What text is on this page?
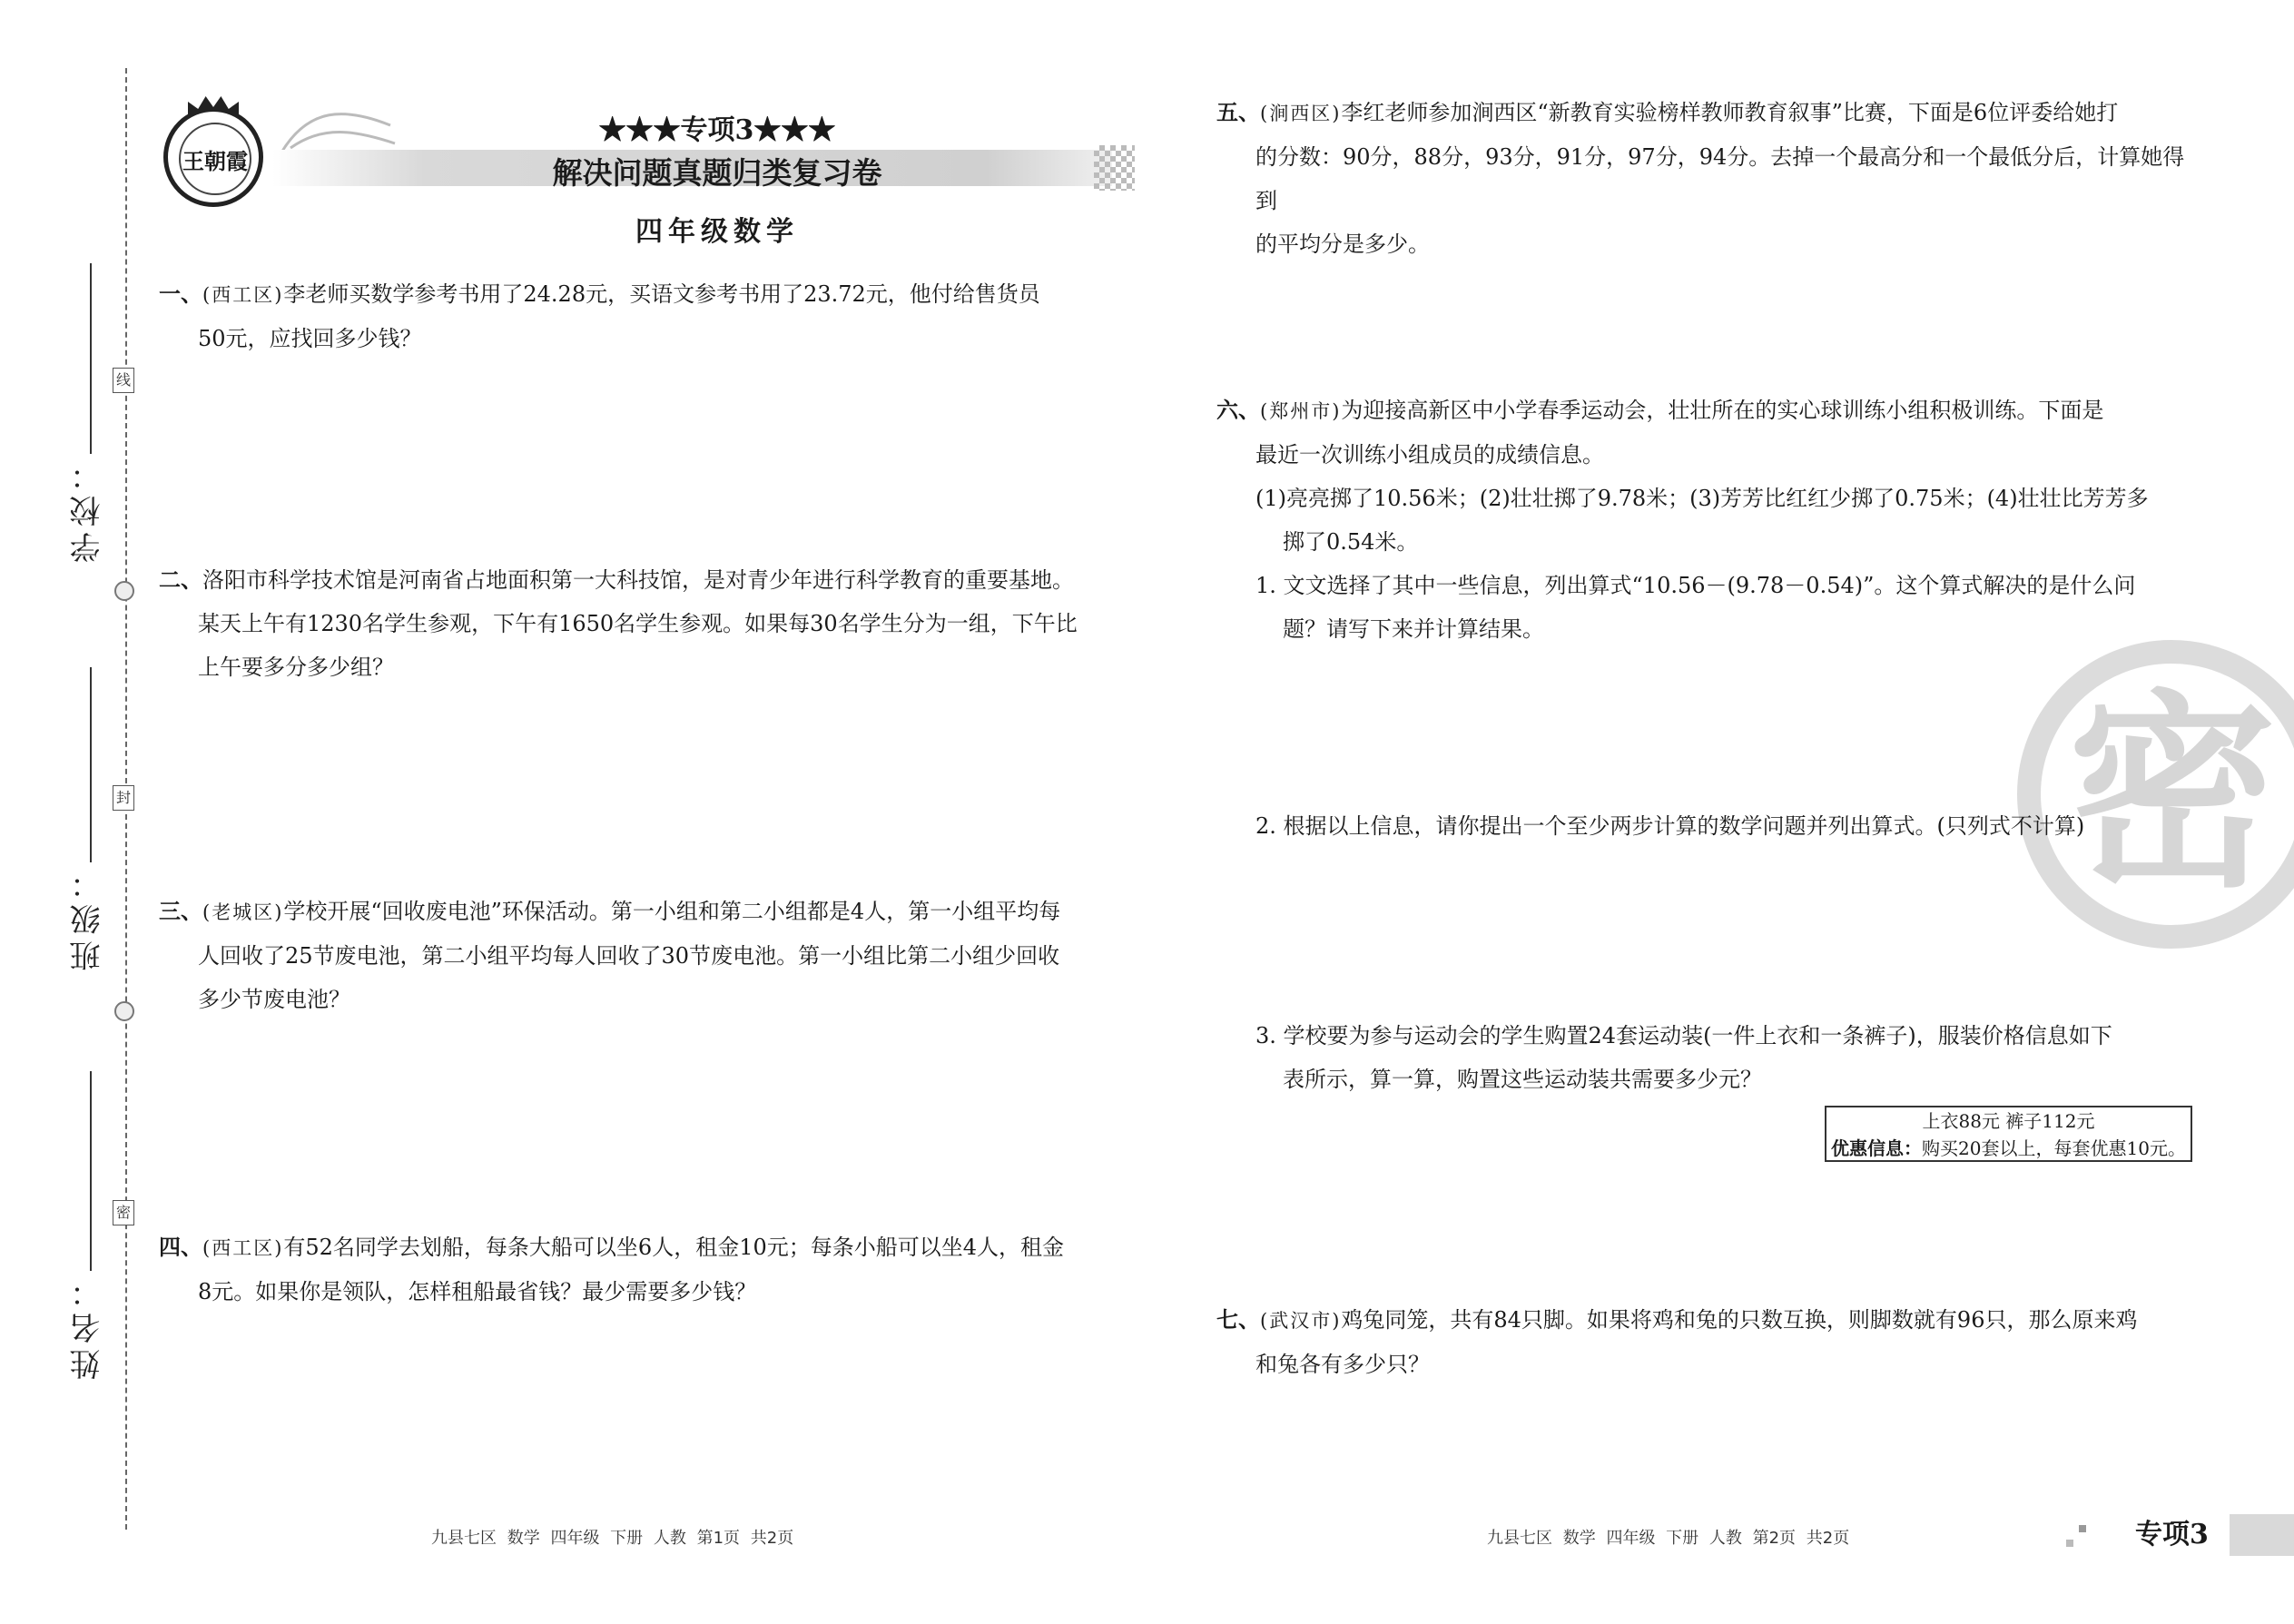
学校：
班级：
姓名：
线
封
密
王朝霞
★★★专项3★★★
解决问题真题归类复习卷
四年级数学
一、(西工区)李老师买数学参考书用了24.28元，买语文参考书用了23.72元，他付给售货员
50元，应找回多少钱？
二、洛阳市科学技术馆是河南省占地面积第一大科技馆，是对青少年进行科学教育的重要基地。
某天上午有1230名学生参观，下午有1650名学生参观。如果每30名学生分为一组，下午比
上午要多分多少组？
三、(老城区)学校开展“回收废电池”环保活动。第一小组和第二小组都是4人，第一小组平均每
人回收了25节废电池，第二小组平均每人回收了30节废电池。第一小组比第二小组少回收
多少节废电池？
四、(西工区)有52名同学去划船，每条大船可以坐6人，租金10元；每条小船可以坐4人，租金
8元。如果你是领队，怎样租船最省钱？最少需要多少钱？
密
五、(涧西区)李红老师参加涧西区“新教育实验榜样教师教育叙事”比赛，下面是6位评委给她打
的分数：90分，88分，93分，91分，97分，94分。去掉一个最高分和一个最低分后，计算她得到
的平均分是多少。
六、(郑州市)为迎接高新区中小学春季运动会，壮壮所在的实心球训练小组积极训练。下面是
最近一次训练小组成员的成绩信息。
(1)亮亮掷了10.56米；(2)壮壮掷了9.78米；(3)芳芳比红红少掷了0.75米；(4)壮壮比芳芳多
掷了0.54米。
1. 文文选择了其中一些信息，列出算式“10.56－(9.78－0.54)”。这个算式解决的是什么问
题？请写下来并计算结果。
2. 根据以上信息，请你提出一个至少两步计算的数学问题并列出算式。(只列式不计算)
3. 学校要为参与运动会的学生购置24套运动装(一件上衣和一条裤子)，服装价格信息如下
表所示，算一算，购置这些运动装共需要多少元？
上衣88元 裤子112元
优惠信息：购买20套以上，每套优惠10元。
七、(武汉市)鸡兔同笼，共有84只脚。如果将鸡和兔的只数互换，则脚数就有96只，那么原来鸡
和兔各有多少只？
九县七区 数学 四年级 下册 人教 第1页 共2页	九县七区 数学 四年级 下册 人教 第2页 共2页	专项3
